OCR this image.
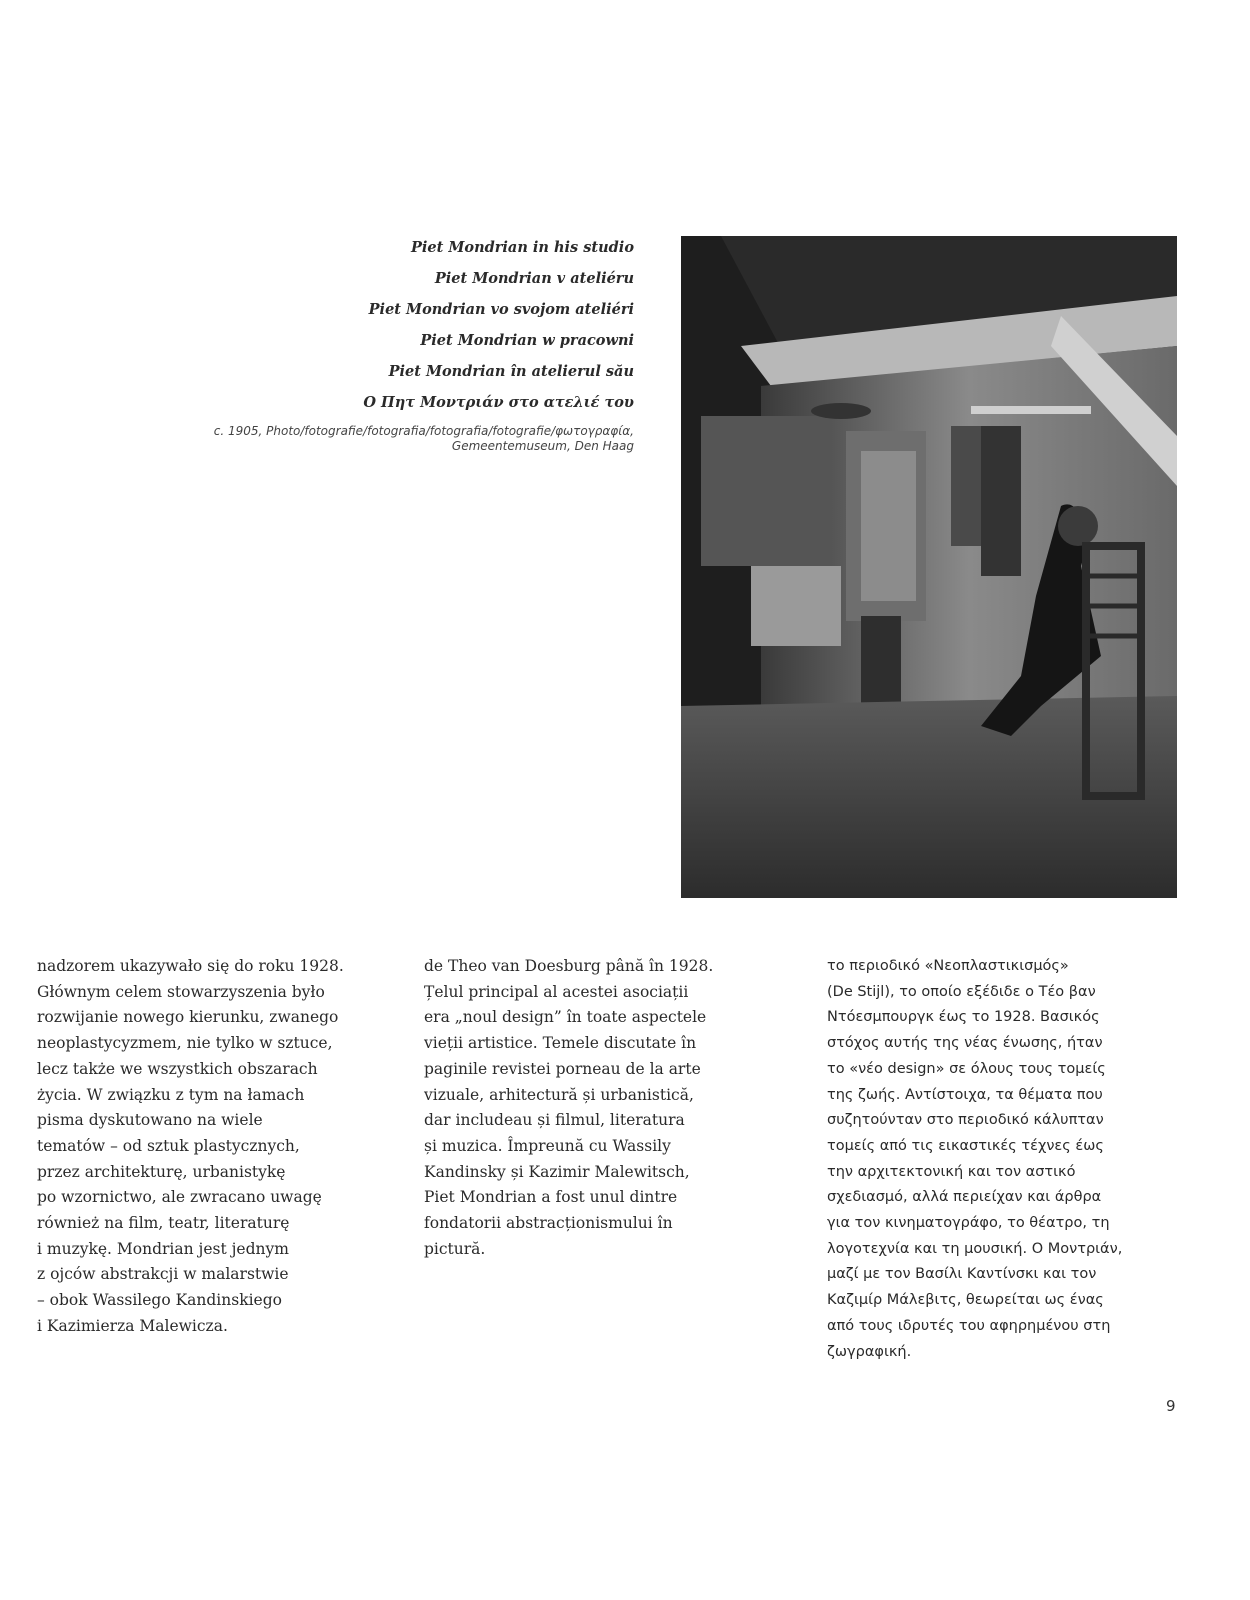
Piet Mondrian in his studio
Piet Mondrian v ateliéru
Piet Mondrian vo svojom ateliéri
Piet Mondrian w pracowni
Piet Mondrian în atelierul său
O Πητ Μοντριάν στο ατελιέ του
c. 1905, Photo/fotografie/fotografia/fotografia/fotografie/φωτογραφία,
Gemeentemuseum, Den Haag
nadzorem ukazywało się do roku 1928.
Głównym celem stowarzyszenia było
rozwijanie nowego kierunku, zwanego
neoplastycyzmem, nie tylko w sztuce,
lecz także we wszystkich obszarach
życia. W związku z tym na łamach
pisma dyskutowano na wiele
tematów – od sztuk plastycznych,
przez architekturę, urbanistykę
po wzornictwo, ale zwracano uwagę
również na film, teatr, literaturę
i muzykę. Mondrian jest jednym
z ojców abstrakcji w malarstwie
– obok Wassilego Kandinskiego
i Kazimierza Malewicza.
de Theo van Doesburg până în 1928.
Țelul principal al acestei asociații
era „noul design” în toate aspectele
vieții artistice. Temele discutate în
paginile revistei porneau de la arte
vizuale, arhitectură și urbanistică,
dar includeau și filmul, literatura
și muzica. Împreună cu Wassily
Kandinsky și Kazimir Malewitsch,
Piet Mondrian a fost unul dintre
fondatorii abstracționismului în
pictură.
το περιοδικό «Νεοπλαστικισμός»
(De Stijl), το οποίο εξέδιδε ο Τέο βαν
Ντόεσμπουργκ έως το 1928. Βασικός
στόχος αυτής της νέας ένωσης, ήταν
το «νέο design» σε όλους τους τομείς
της ζωής. Αντίστοιχα, τα θέματα που
συζητούνταν στο περιοδικό κάλυπταν
τομείς από τις εικαστικές τέχνες έως
την αρχιτεκτονική και τον αστικό
σχεδιασμό, αλλά περιείχαν και άρθρα
για τον κινηματογράφο, το θέατρο, τη
λογοτεχνία και τη μουσική. Ο Μοντριάν,
μαζί με τον Βασίλι Καντίνσκι και τον
Καζιμίρ Μάλεβιτς, θεωρείται ως ένας
από τους ιδρυτές του αφηρημένου στη
ζωγραφική.
9
